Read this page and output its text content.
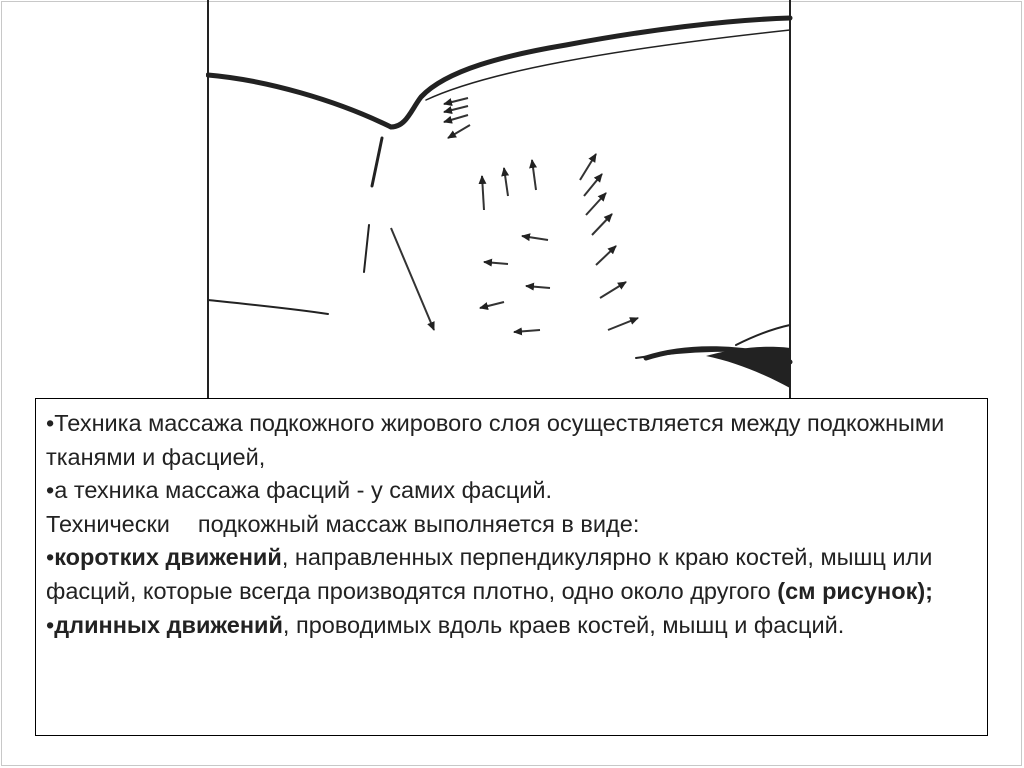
•Техника массажа подкожного жирового слоя осуществляется между подкожными тканями и фасцией,

•а техника массажа фасций - у самих фасций.

Технически подкожный массаж выполняется в виде:

•коротких движений, направленных перпендикулярно к краю костей, мышц или фасций, которые всегда производятся плотно, одно около другого (см рисунок);

•длинных движений, проводимых вдоль краев костей, мышц и фасций.
